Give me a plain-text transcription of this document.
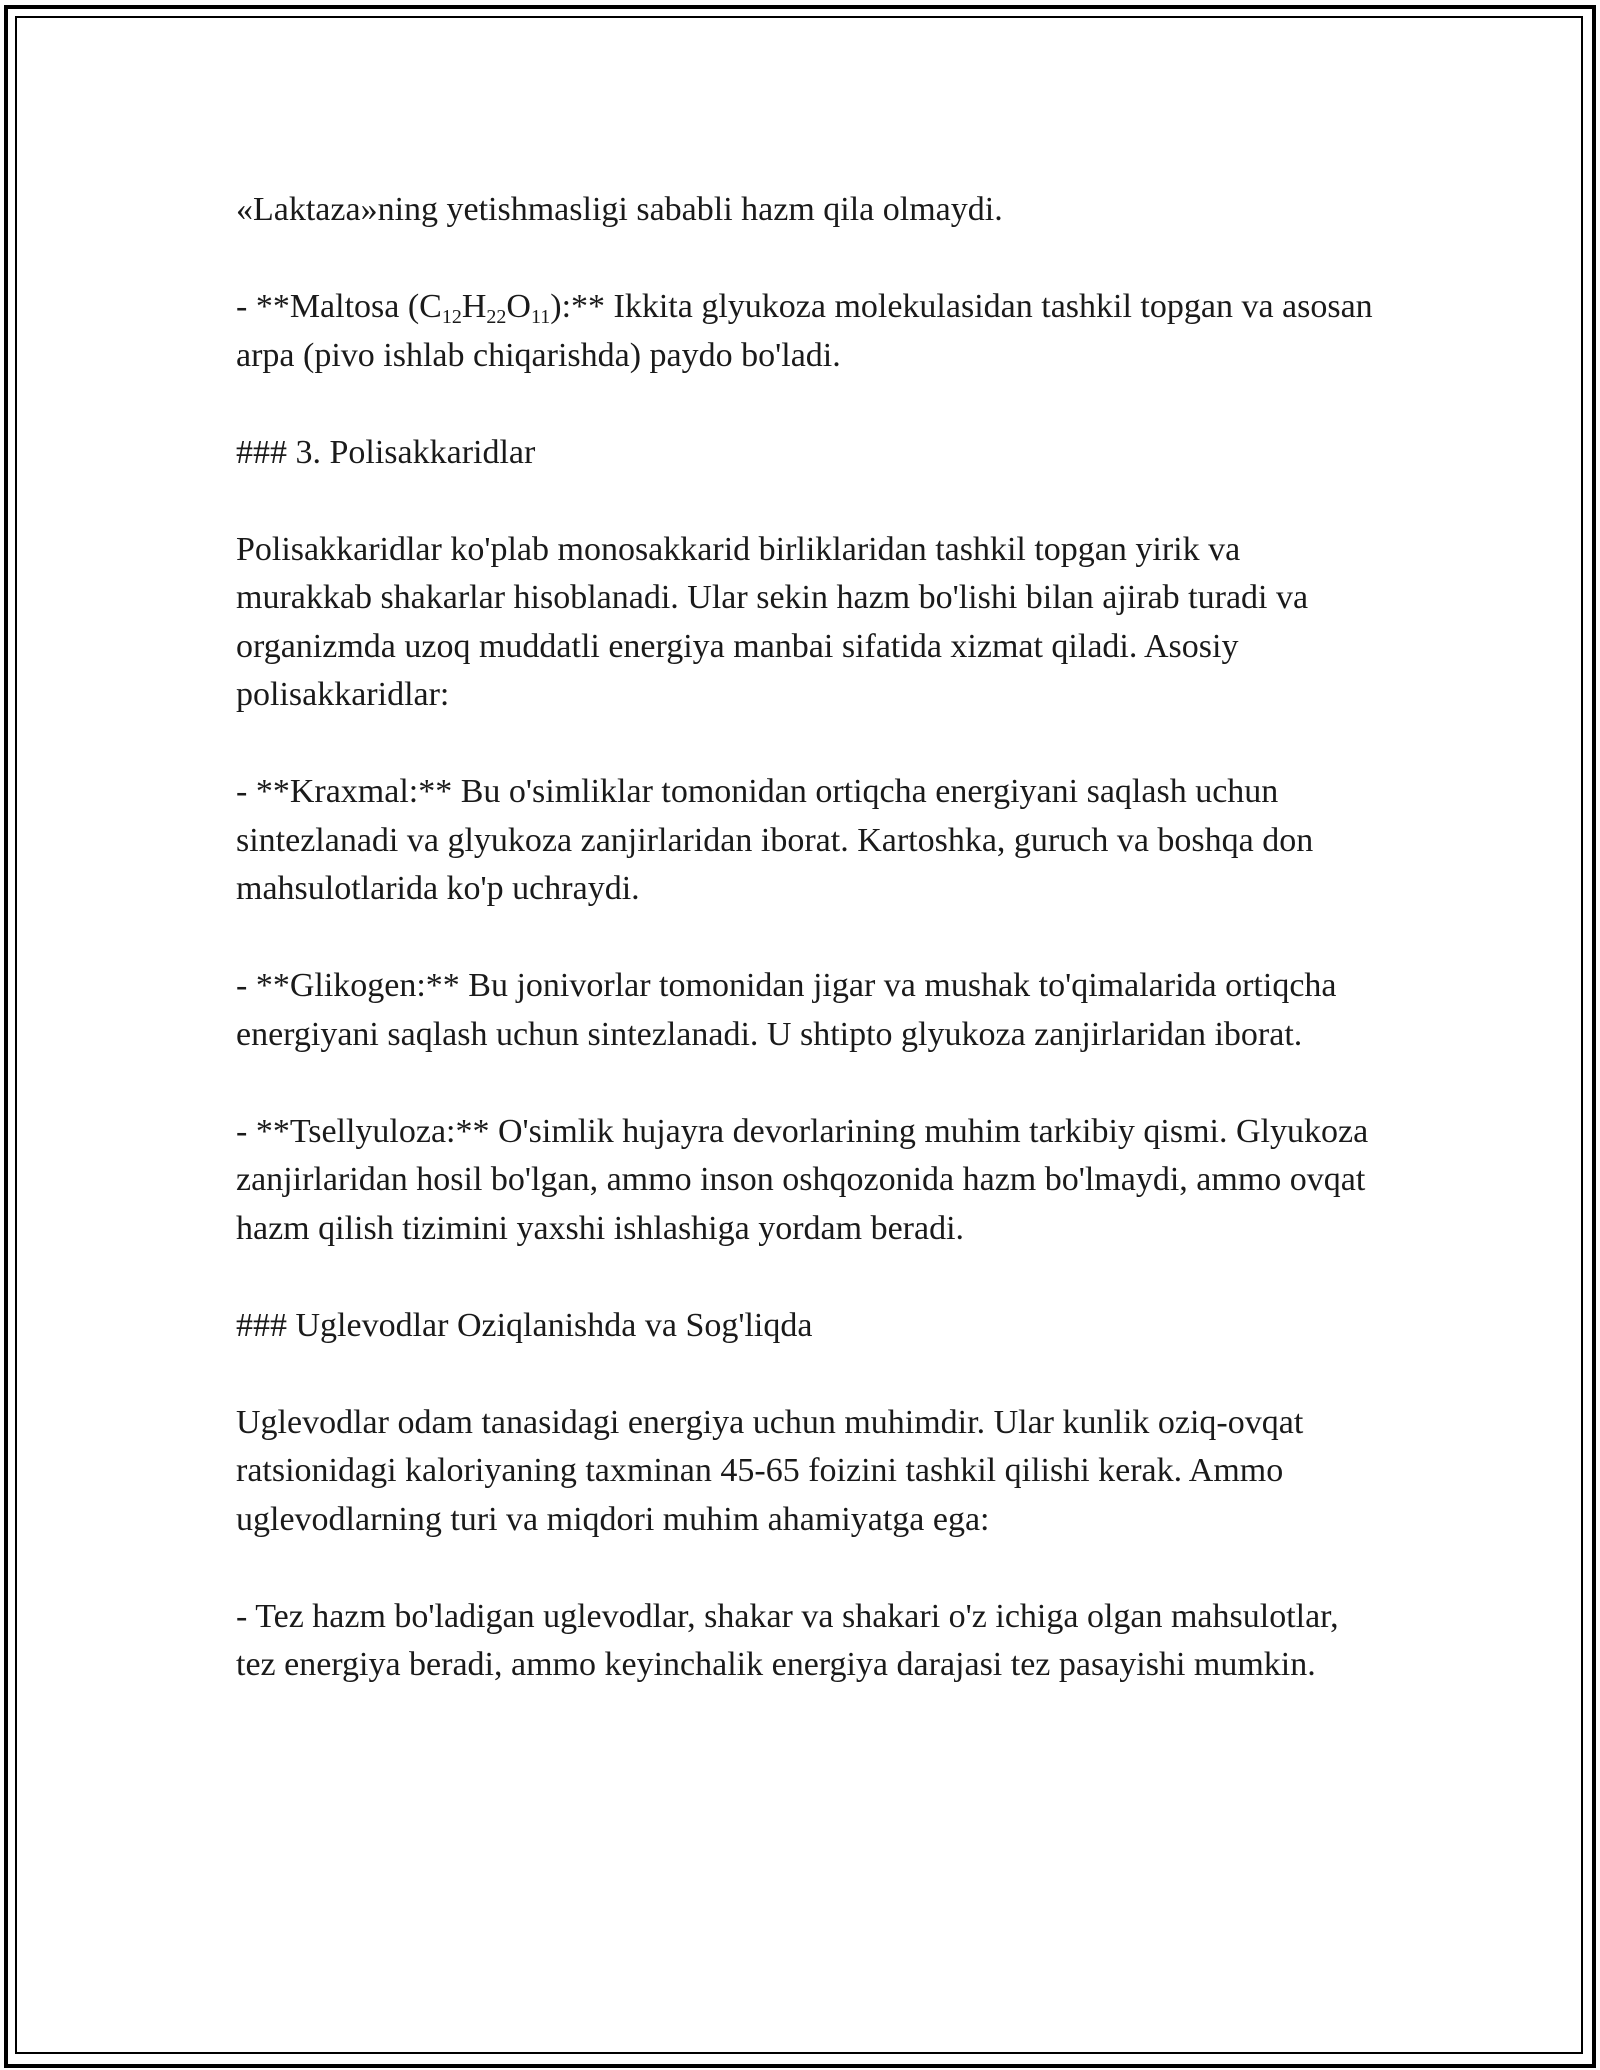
«Laktaza»ning yetishmasligi sababli hazm qila olmaydi.

- **Maltosa $(C_{12}H_{22}O_{11}):**$ Ikkita glyukoza molekulasidan tashkil topgan va asosan arpa (pivo ishlab chiqarishda) paydo bo'ladi.

### 3. Polisakkaridlar

Polisakkaridlar ko'plab monosakkarid birliklaridan tashkil topgan yirik va murakkab shakarlar hisoblanadi. Ular sekin hazm bo'lishi bilan ajirab turadi va organizmda uzoq muddatli energiya manbai sifatida xizmat qiladi. Asosiy polisakkaridlar:

- **Kraxmal:** Bu o'simliklar tomonidan ortiqcha energiyani saqlash uchun sintezlanadi va glyukoza zanjirlaridan iborat. Kartoshka, guruch va boshqa don mahsulotlarida ko'p uchraydi.

- **Glikogen:** Bu jonivorlar tomonidan jigar va mushak to'qimalarida ortiqcha energiyani saqlash uchun sintezlanadi. U shtipto glyukoza zanjirlaridan iborat.

- **Tsellyuloza:** O'simlik hujayra devorlarining muhim tarkibiy qismi. Glyukoza zanjirlaridan hosil bo'lgan, ammo inson oshqozonida hazm bo'lmaydi, ammo ovqat hazm qilish tizimini yaxshi ishlashiga yordam beradi.

### Uglevodlar Oziqlanishda va Sog'liqda

Uglevodlar odam tanasidagi energiya uchun muhimdir. Ular kunlik oziq-ovqat ratsionidagi kaloriyaning taxminan 45-65 foizini tashkil qilishi kerak. Ammo uglevodlarning turi va miqdori muhim ahamiyatga ega:

- Tez hazm bo'ladigan uglevodlar, shakar va shakari o'z ichiga olgan mahsulotlar, tez energiya beradi, ammo keyinchalik energiya darajasi tez pasayishi mumkin.
